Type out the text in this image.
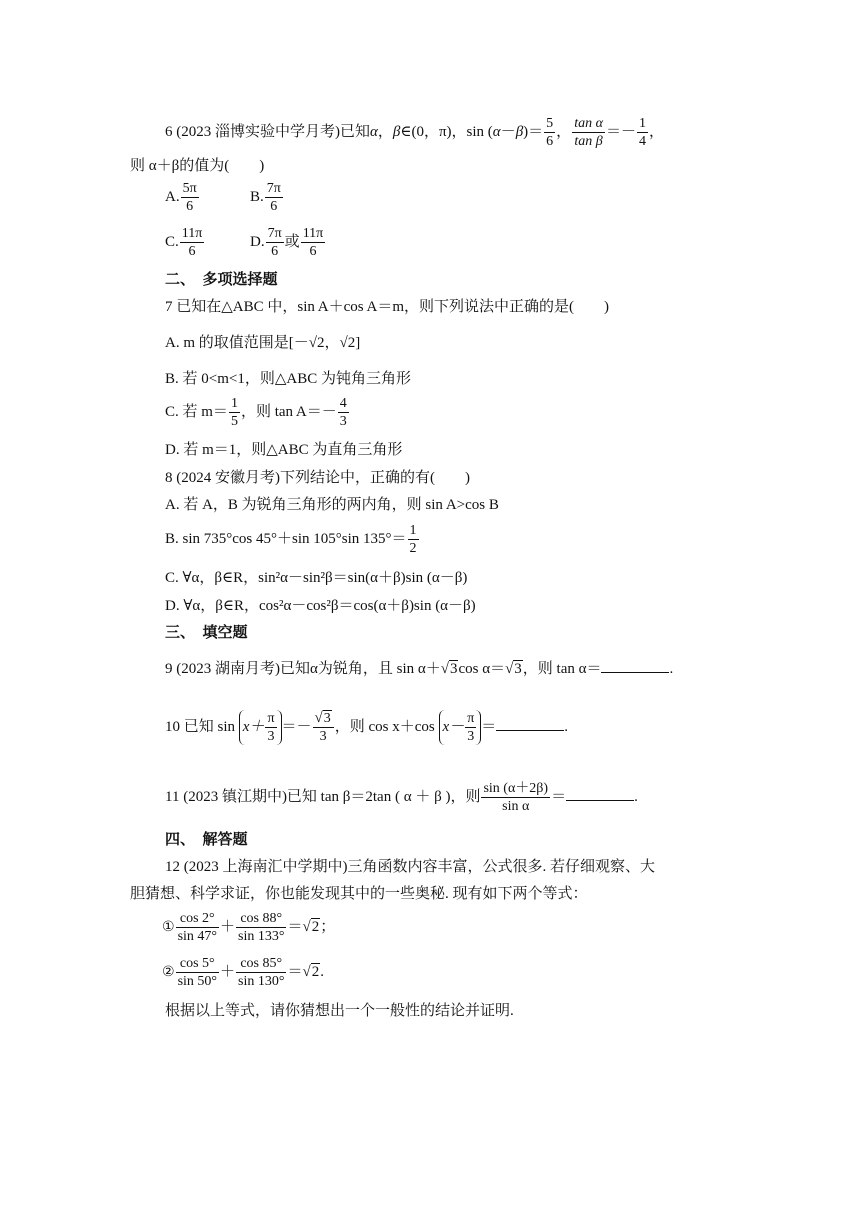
6 (2023 淄博实验中学月考)已知α，β∈(0，π)，$\sin (\alpha-\beta)= \frac{5}{6}$ ， $\frac{\text{tan α}}{\text{tan β}} =- \frac{1}{4}$ ，
则 α＋β的值为(　　)
A. $\frac{5\pi}{6}$	B. $\frac{7\pi}{6}$
C. $\frac{11\pi}{6}$	D. $\frac{7\pi}{6}$ 或 $\frac{11\pi}{6}$
二、　多项选择题
7 已知在△ABC 中，sin A＋cos A＝m，则下列说法中正确的是(　　)
A. m 的取值范围是[－√2，√2]
B. 若 0<m<1，则△ABC 为钝角三角形
C. 若 $m= \frac{1}{5}$ ，则 $\tan A=- \frac{4}{3}$
D. 若 m＝1，则△ABC 为直角三角形
8 (2024 安徽月考)下列结论中，正确的有(　　)
A. 若 A，B 为锐角三角形的两内角，则 sin A>cos B
B. sin 735°cos 45°＋sin 105°sin $135^\circ= \frac{1}{2}$
C. ∀α，β∈R，sin²α－sin²β＝sin(α＋β)sin (α－β)
D. ∀α，β∈R，cos²α－cos²β＝cos(α＋β)sin (α－β)
三、　填空题
9 (2023 湖南月考)已知α为锐角，且 sin α＋√3cos α＝√3，则 tan α＝	.
10 已知 $\sin x+ \frac{\pi}{3} =- \frac{√3}{3}$ ，则 cos x＋cos $x- \frac{\pi}{3}$ ＝	.
11 (2023 镇江期中)已知 tan β＝2tan ( α ＋ β )，则 $\frac{\sin (\alpha+2\beta)}{\text{sin α}}$ ＝	.
四、　解答题
12 (2023 上海南汇中学期中)三角函数内容丰富，公式很多. 若仔细观察、大
胆猜想、科学求证，你也能发现其中的一些奥秘. 现有如下两个等式：
① $\frac{\cos 2^\circ}{\sin 47^\circ} + \frac{\cos 88^\circ}{\sin 133^\circ} =√2$；
② $\frac{\cos 5^\circ}{\sin 50^\circ} + \frac{\cos 85^\circ}{\sin 130^\circ} =√2$.
根据以上等式，请你猜想出一个一般性的结论并证明.
